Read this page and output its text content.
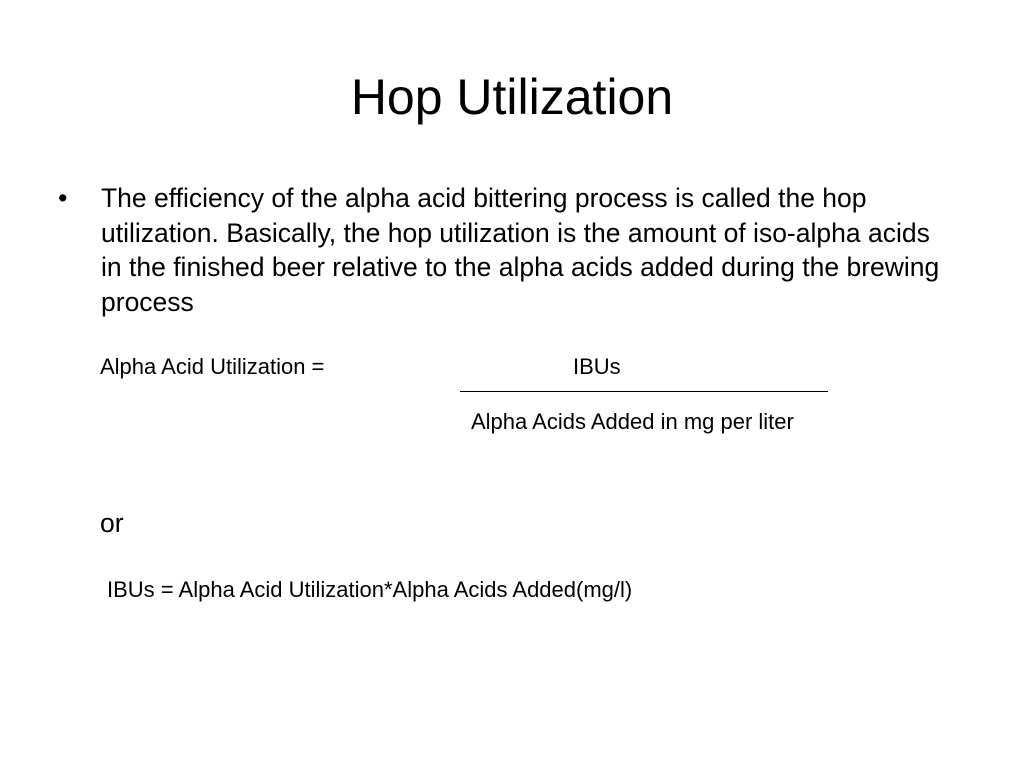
Hop Utilization
• The efficiency of the alpha acid bittering process is called the hop utilization. Basically, the hop utilization is the amount of iso-alpha acids in the finished beer relative to the alpha acids added during the brewing process

Alpha Acid Utilization =	IBUs
Alpha Acids Added in mg per liter
or
IBUs = Alpha Acid Utilization*Alpha Acids Added(mg/l)
